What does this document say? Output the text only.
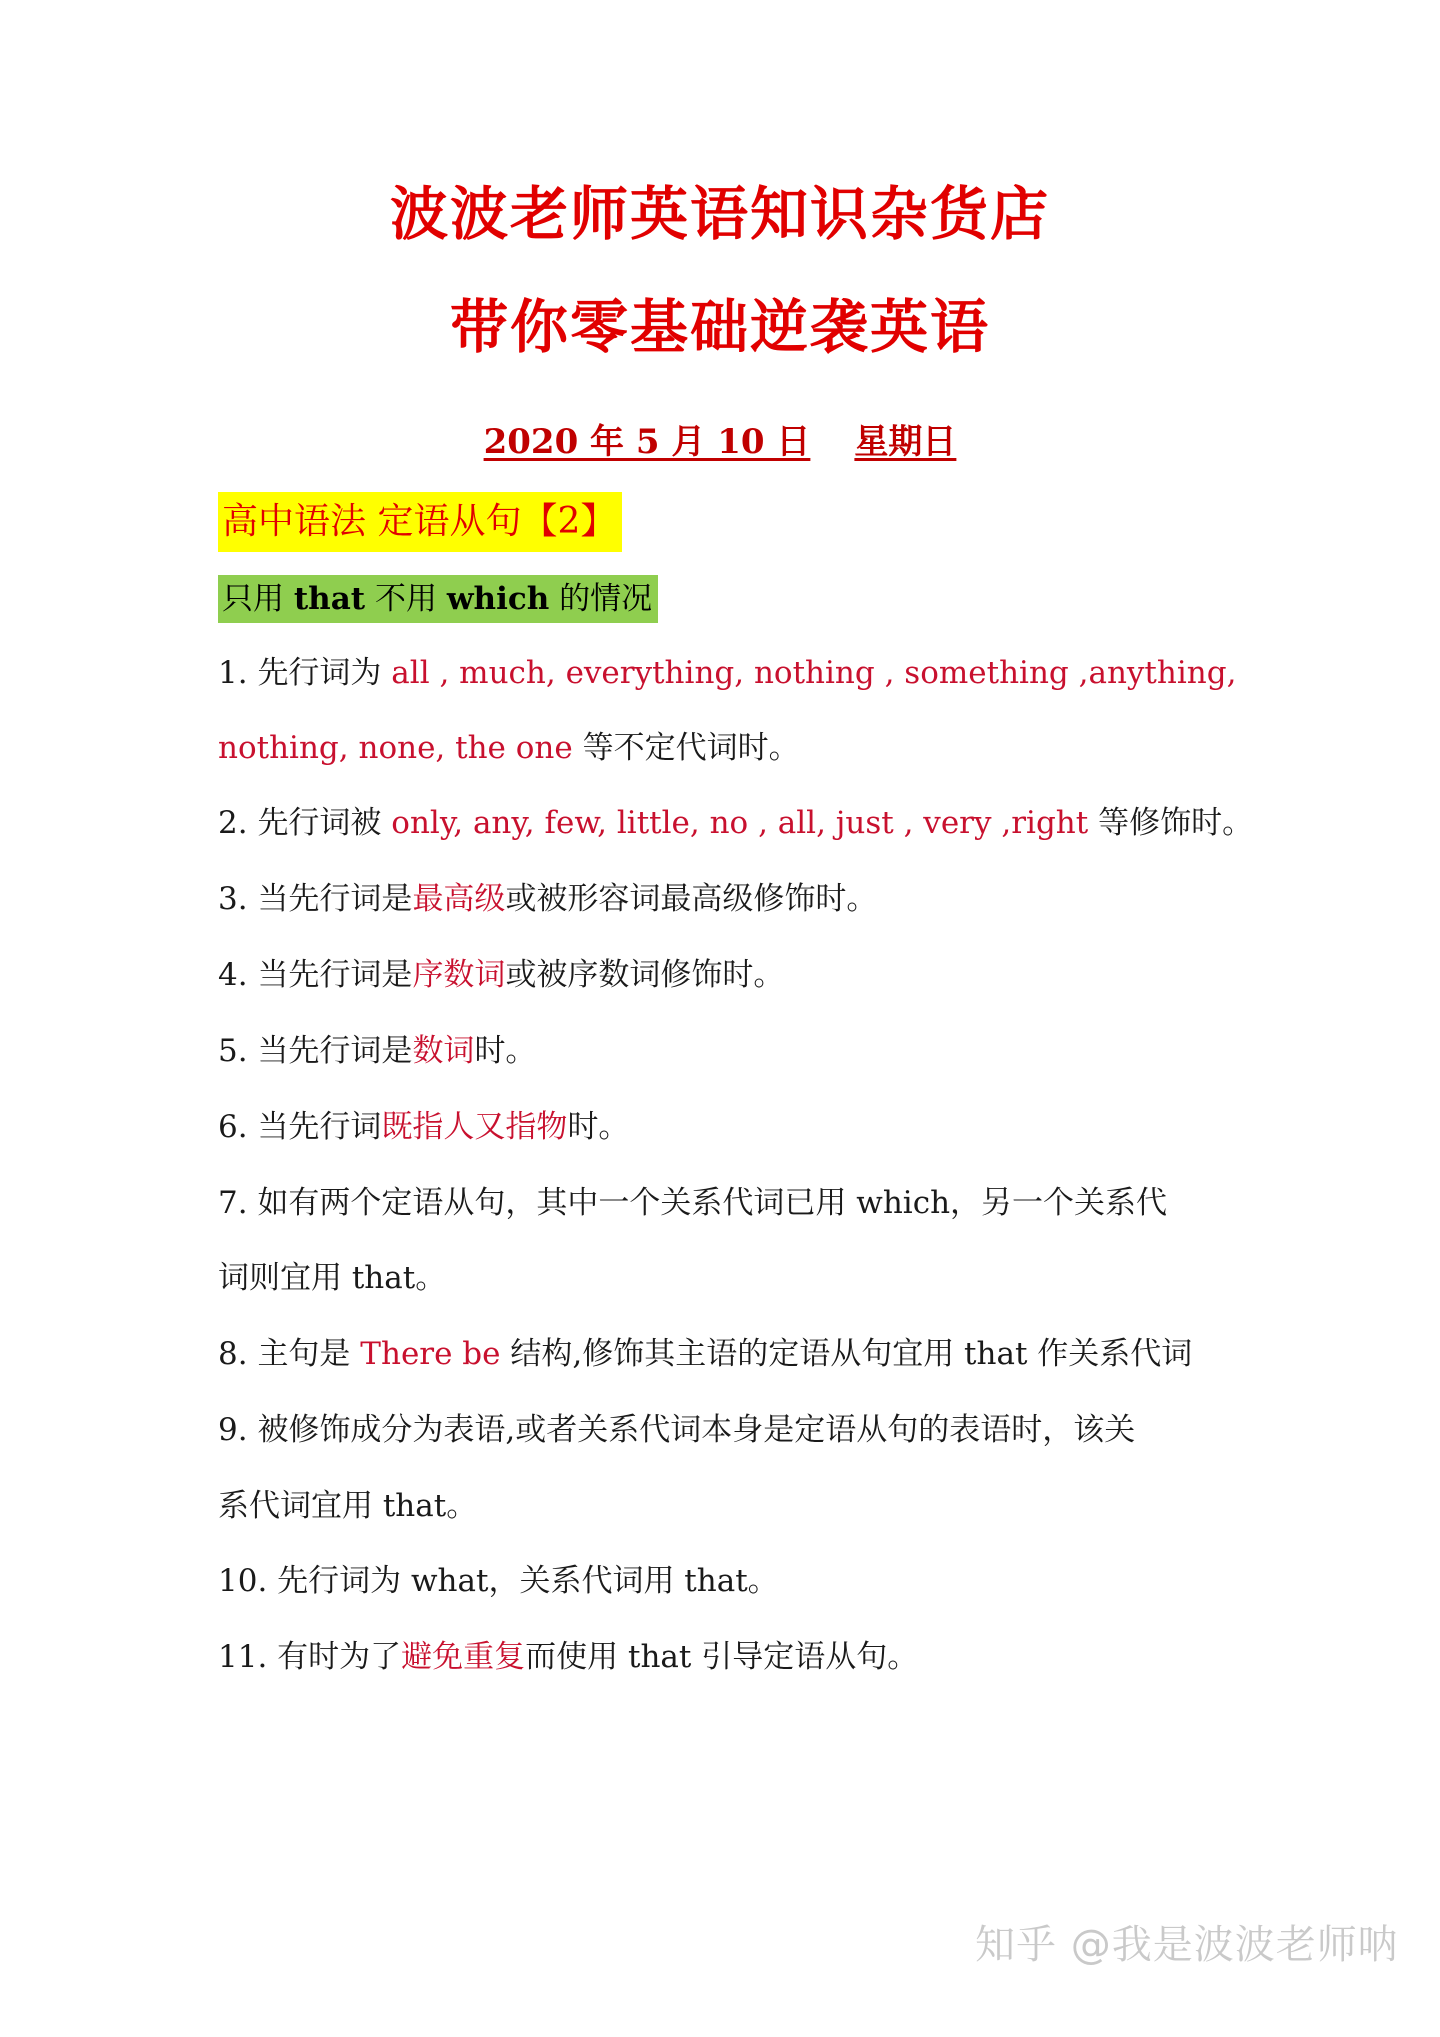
波波老师英语知识杂货店
带你零基础逆袭英语
2020 年 5 月 10 日 星期日
高中语法 定语从句【2】
只用 that 不用 which 的情况
1. 先行词为 all , much, everything, nothing , something ,anything,
nothing, none, the one 等不定代词时。
2. 先行词被 only, any, few, little, no , all, just , very ,right 等修饰时。
3. 当先行词是最高级或被形容词最高级修饰时。
4. 当先行词是序数词或被序数词修饰时。
5. 当先行词是数词时。
6. 当先行词既指人又指物时。
7. 如有两个定语从句，其中一个关系代词已用 which，另一个关系代
词则宜用 that。
8. 主句是 There be 结构,修饰其主语的定语从句宜用 that 作关系代词
9. 被修饰成分为表语,或者关系代词本身是定语从句的表语时，该关
系代词宜用 that。
10. 先行词为 what，关系代词用 that。
11. 有时为了避免重复而使用 that 引导定语从句。
知乎 @我是波波老师呐
